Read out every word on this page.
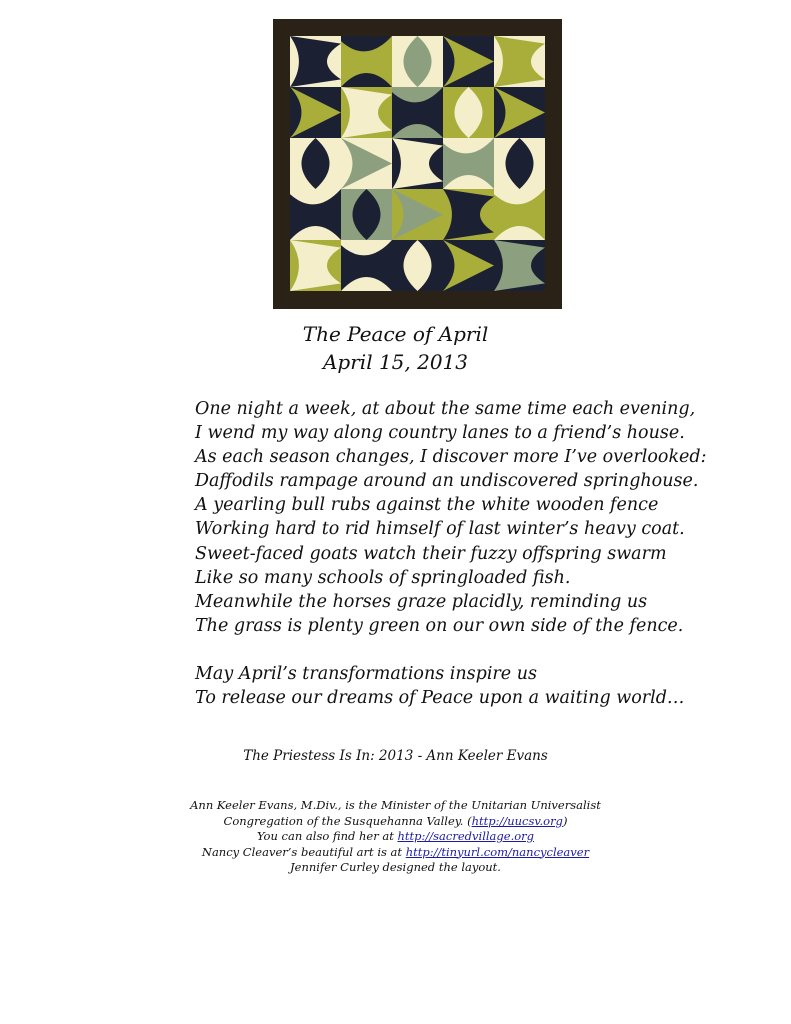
The Peace of April
April 15, 2013
One night a week, at about the same time each evening,
I wend my way along country lanes to a friend’s house.
As each season changes, I discover more I’ve overlooked:
Daffodils rampage around an undiscovered springhouse.
A yearling bull rubs against the white wooden fence
Working hard to rid himself of last winter’s heavy coat.
Sweet-faced goats watch their fuzzy offspring swarm
Like so many schools of springloaded fish.
Meanwhile the horses graze placidly, reminding us
The grass is plenty green on our own side of the fence.
May April’s transformations inspire us
To release our dreams of Peace upon a waiting world…
The Priestess Is In: 2013 - Ann Keeler Evans
Ann Keeler Evans, M.Div., is the Minister of the Unitarian Universalist
Congregation of the Susquehanna Valley. (http://uucsv.org)
You can also find her at http://sacredvillage.org
Nancy Cleaver’s beautiful art is at http://tinyurl.com/nancycleaver
Jennifer Curley designed the layout.
